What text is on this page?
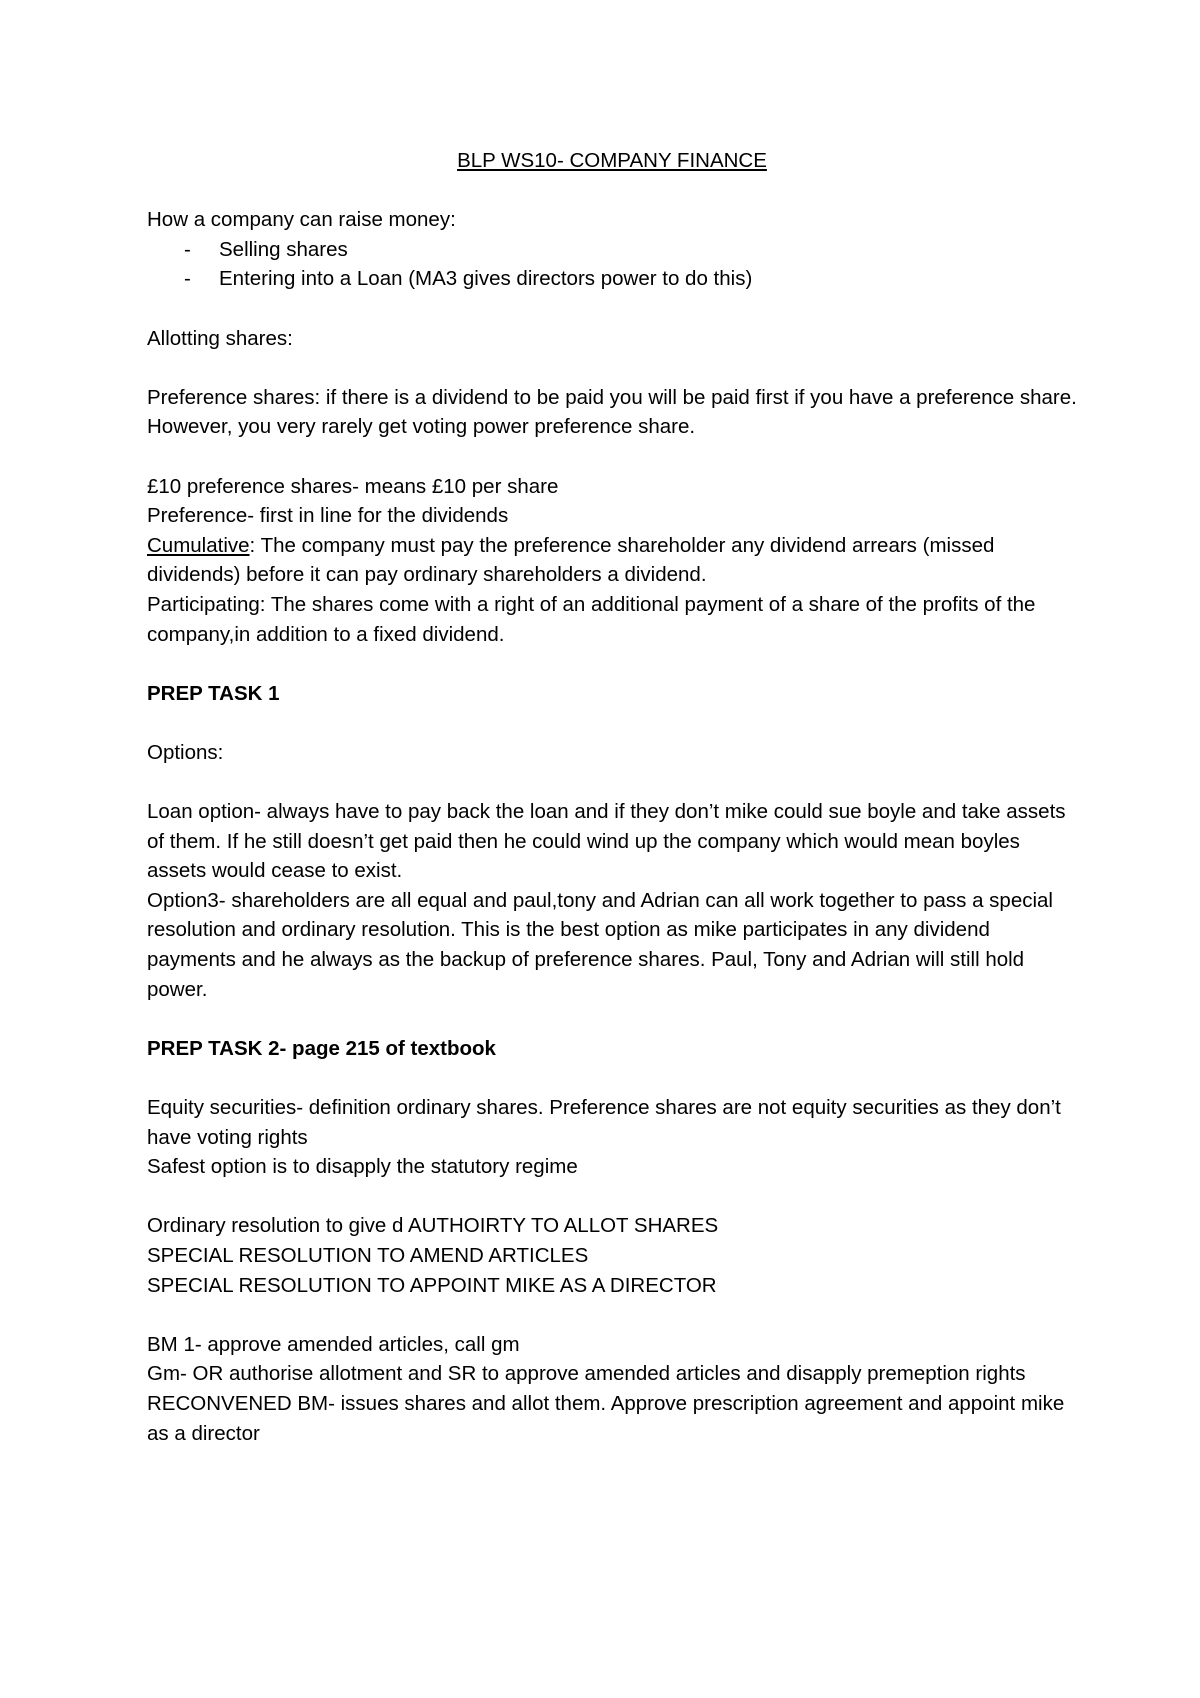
BLP WS10- COMPANY FINANCE

How a company can raise money:

- Selling shares
- Entering into a Loan (MA3 gives directors power to do this)

Allotting shares:

Preference shares: if there is a dividend to be paid you will be paid first if you have a preference share. However, you very rarely get voting power preference share.

£10 preference shares- means £10 per share

Preference- first in line for the dividends

Cumulative: The company must pay the preference shareholder any dividend arrears (missed dividends) before it can pay ordinary shareholders a dividend.

Participating: The shares come with a right of an additional payment of a share of the profits of the company,in addition to a fixed dividend.

PREP TASK 1

Options:

Loan option- always have to pay back the loan and if they don’t mike could sue boyle and take assets of them. If he still doesn’t get paid then he could wind up the company which would mean boyles assets would cease to exist.

Option3- shareholders are all equal and paul,tony and Adrian can all work together to pass a special resolution and ordinary resolution. This is the best option as mike participates in any dividend payments and he always as the backup of preference shares. Paul, Tony and Adrian will still hold power.

PREP TASK 2- page 215 of textbook

Equity securities- definition ordinary shares. Preference shares are not equity securities as they don’t have voting rights

Safest option is to disapply the statutory regime

Ordinary resolution to give d AUTHOIRTY TO ALLOT SHARES

SPECIAL RESOLUTION TO AMEND ARTICLES

SPECIAL RESOLUTION TO APPOINT MIKE AS A DIRECTOR

BM 1- approve amended articles, call gm

Gm- OR authorise allotment and SR to approve amended articles and disapply premeption rights

RECONVENED BM- issues shares and allot them. Approve prescription agreement and appoint mike as a director
